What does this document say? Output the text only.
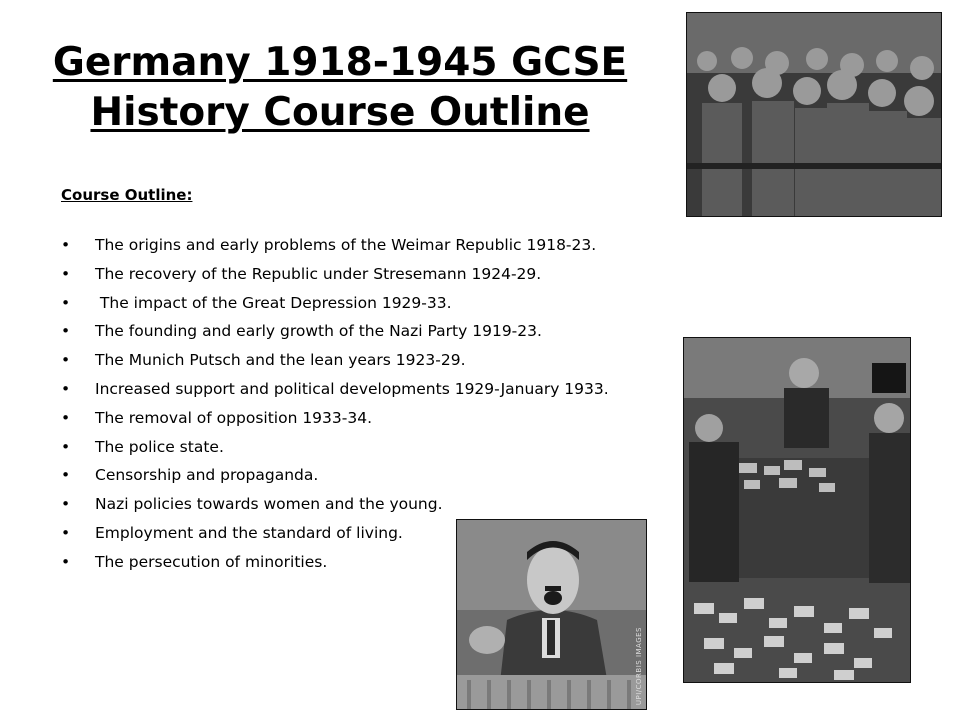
Germany 1918-1945 GCSE
History Course Outline

Course Outline:

• The origins and early problems of the Weimar Republic 1918-23.
• The recovery of the Republic under Stresemann 1924-29.
• The impact of the Great Depression 1929-33.
• The founding and early growth of the Nazi Party 1919-23.
• The Munich Putsch and the lean years 1923-29.
• Increased support and political developments 1929-January 1933.
• The removal of opposition 1933-34.
• The police state.
• Censorship and propaganda.
• Nazi policies towards women and the young.
• Employment and the standard of living.
• The persecution of minorities.
UPI/CORBIS IMAGES
